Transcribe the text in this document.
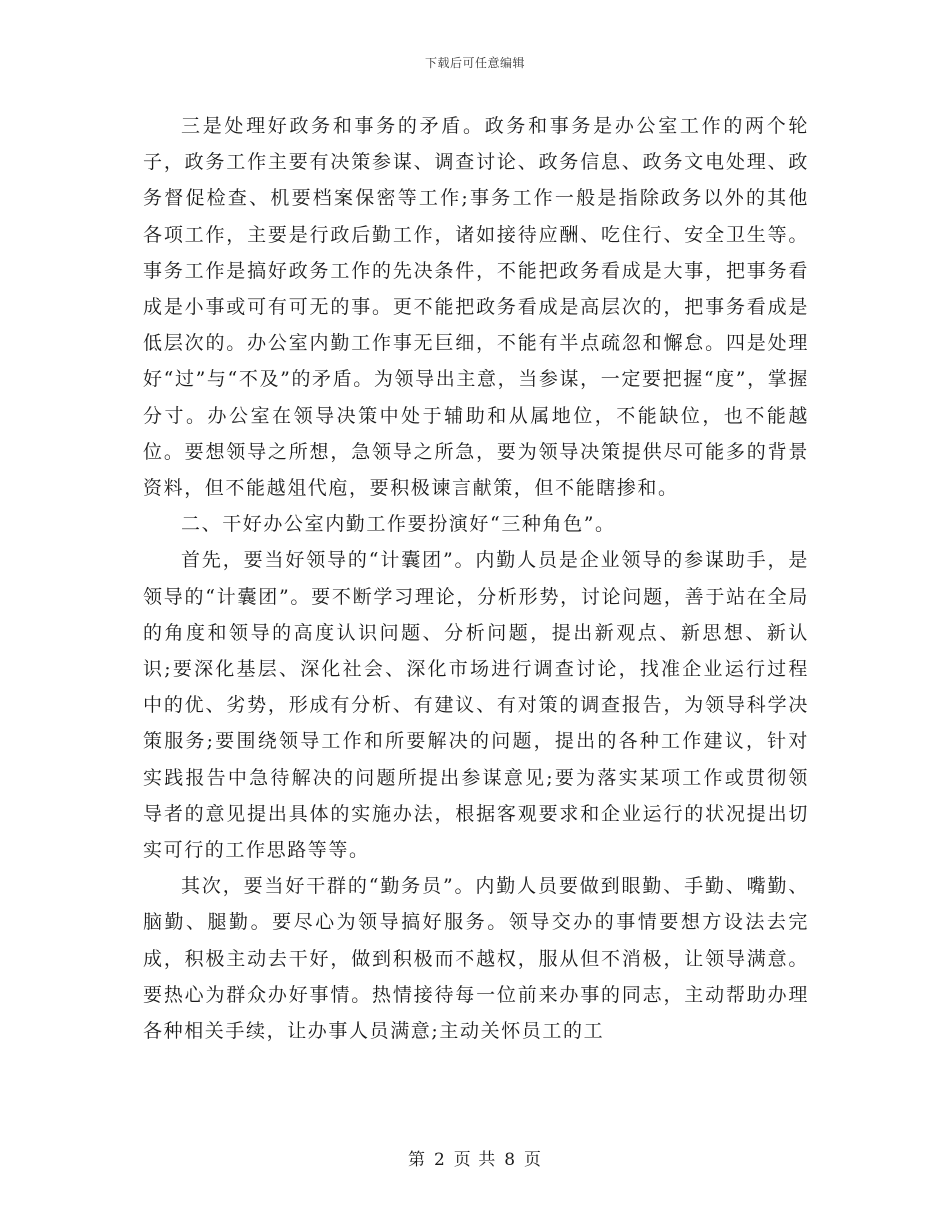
下载后可任意编辑

三是处理好政务和事务的矛盾。政务和事务是办公室工作的两个轮子，政务工作主要有决策参谋、调查讨论、政务信息、政务文电处理、政务督促检查、机要档案保密等工作;事务工作一般是指除政务以外的其他各项工作，主要是行政后勤工作，诸如接待应酬、吃住行、安全卫生等。事务工作是搞好政务工作的先决条件，不能把政务看成是大事，把事务看成是小事或可有可无的事。更不能把政务看成是高层次的，把事务看成是低层次的。办公室内勤工作事无巨细，不能有半点疏忽和懈怠。四是处理好“过”与“不及”的矛盾。为领导出主意，当参谋，一定要把握“度”，掌握分寸。办公室在领导决策中处于辅助和从属地位，不能缺位，也不能越位。要想领导之所想，急领导之所急，要为领导决策提供尽可能多的背景资料，但不能越俎代庖，要积极谏言献策，但不能瞎掺和。

二、干好办公室内勤工作要扮演好“三种角色”。

首先，要当好领导的“计囊团”。内勤人员是企业领导的参谋助手，是领导的“计囊团”。要不断学习理论，分析形势，讨论问题，善于站在全局的角度和领导的高度认识问题、分析问题，提出新观点、新思想、新认识;要深化基层、深化社会、深化市场进行调查讨论，找准企业运行过程中的优、劣势，形成有分析、有建议、有对策的调查报告，为领导科学决策服务;要围绕领导工作和所要解决的问题，提出的各种工作建议，针对实践报告中急待解决的问题所提出参谋意见;要为落实某项工作或贯彻领导者的意见提出具体的实施办法，根据客观要求和企业运行的状况提出切实可行的工作思路等等。

其次，要当好干群的“勤务员”。内勤人员要做到眼勤、手勤、嘴勤、脑勤、腿勤。要尽心为领导搞好服务。领导交办的事情要想方设法去完成，积极主动去干好，做到积极而不越权，服从但不消极，让领导满意。要热心为群众办好事情。热情接待每一位前来办事的同志，主动帮助办理各种相关手续，让办事人员满意;主动关怀员工的工

第 2 页 共 8 页
